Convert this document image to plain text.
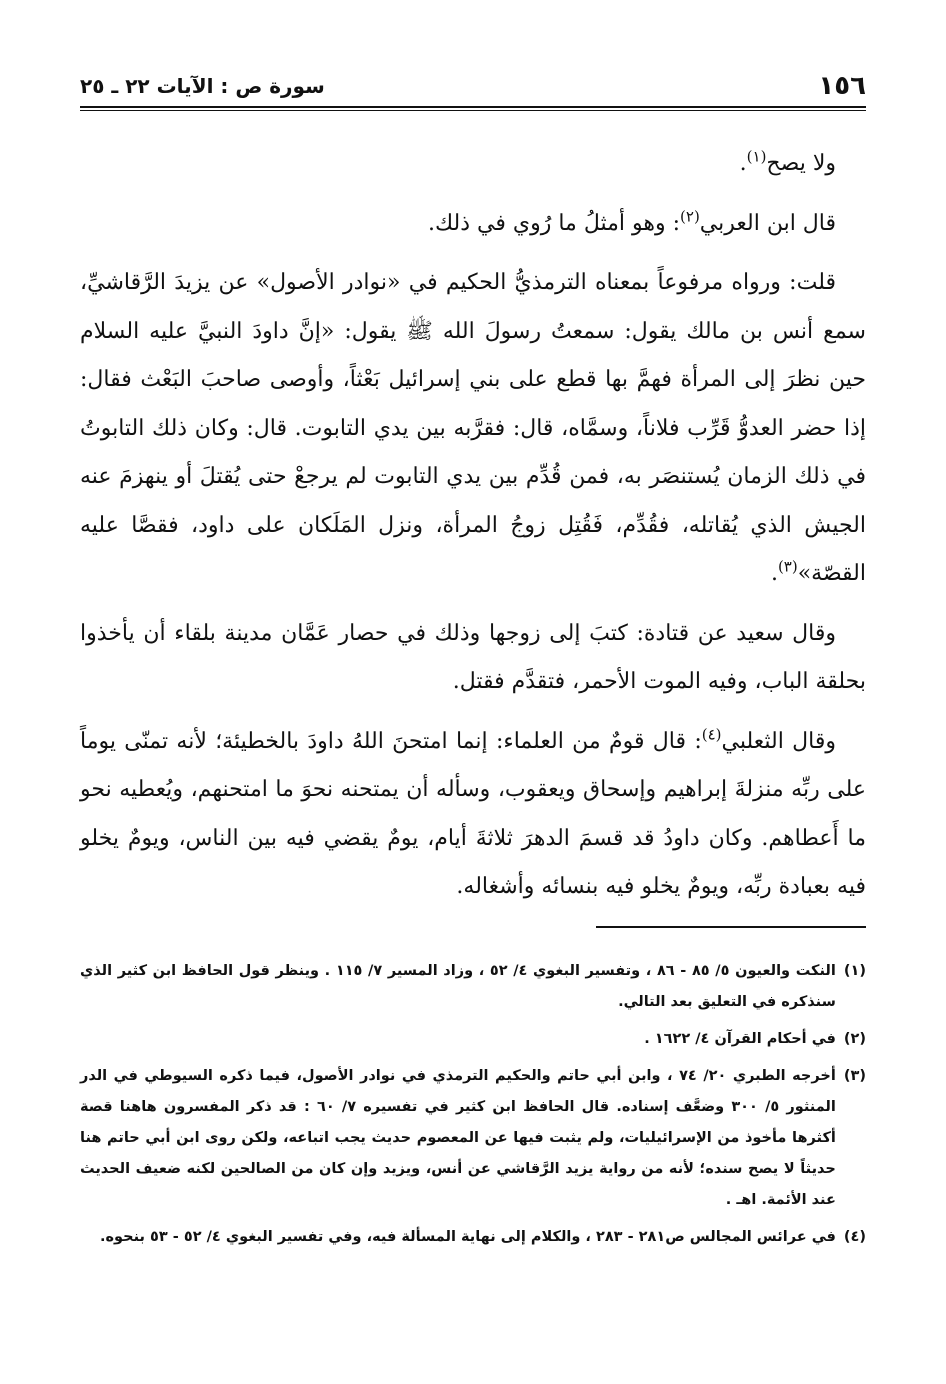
١٥٦
سورة ص : الآيات ٢٢ ـ ٢٥

ولا يصح$^{(١)}$.

قال ابن العربي$^{(٢)}$: وهو أمثلُ ما رُوي في ذلك.

قلت: ورواه مرفوعاً بمعناه الترمذيُّ الحكيم في «نوادر الأصول» عن يزيدَ الرَّقاشيِّ، سمع أنس بن مالك يقول: سمعتُ رسولَ الله ﷺ يقول: «إنَّ داودَ النبيَّ عليه السلام حين نظرَ إلى المرأة فهمَّ بها قطع على بني إسرائيل بَعْثاً، وأوصى صاحبَ البَعْث فقال: إذا حضر العدوُّ قَرِّب فلاناً، وسمَّاه، قال: فقرَّبه بين يدي التابوت. قال: وكان ذلك التابوتُ في ذلك الزمان يُستنصَر به، فمن قُدِّم بين يدي التابوت لم يرجعْ حتى يُقتلَ أو ينهزمَ عنه الجيش الذي يُقاتله، فقُدِّم، فَقُتِل زوجُ المرأة، ونزل المَلَكان على داود، فقصَّا عليه القصّة»$^{(٣)}$.

وقال سعيد عن قتادة: كتبَ إلى زوجها وذلك في حصار عَمَّان مدينة بلقاء أن يأخذوا بحلقة الباب، وفيه الموت الأحمر، فتقدَّم فقتل.

وقال الثعلبي$^{(٤)}$: قال قومٌ من العلماء: إنما امتحنَ اللهُ داودَ بالخطيئة؛ لأنه تمنّى يوماً على ربِّه منزلةَ إبراهيم وإسحاق ويعقوب، وسأله أن يمتحنه نحوَ ما امتحنهم، ويُعطيه نحو ما أَعطاهم. وكان داودُ قد قسمَ الدهرَ ثلاثةَ أيام، يومٌ يقضي فيه بين الناس، ويومٌ يخلو فيه بعبادة ربِّه، ويومٌ يخلو فيه بنسائه وأشغاله.

(١)
النكت والعيون ٥/ ٨٥ - ٨٦ ، وتفسير البغوي ٤/ ٥٢ ، وزاد المسير ٧/ ١١٥ . وينظر قول الحافظ ابن كثير الذي سنذكره في التعليق بعد التالي.
(٢)
في أحكام القرآن ٤/ ١٦٢٢ .
(٣)
أخرجه الطبري ٢٠/ ٧٤ ، وابن أبي حاتم والحكيم الترمذي في نوادر الأصول، فيما ذكره السيوطي في الدر المنثور ٥/ ٣٠٠ وضعَّف إسناده. قال الحافظ ابن كثير في تفسيره ٧/ ٦٠ : قد ذكر المفسرون هاهنا قصة أكثرها مأخوذ من الإسرائيليات، ولم يثبت فيها عن المعصوم حديث يجب اتباعه، ولكن روى ابن أبي حاتم هنا حديثاً لا يصح سنده؛ لأنه من رواية يزيد الرَّقاشي عن أنس، ويزيد وإن كان من الصالحين لكنه ضعيف الحديث عند الأئمة. اهـ .
(٤)
في عرائس المجالس ص٢٨١ - ٢٨٣ ، والكلام إلى نهاية المسألة فيه، وفي تفسير البغوي ٤/ ٥٢ - ٥٣ بنحوه.
